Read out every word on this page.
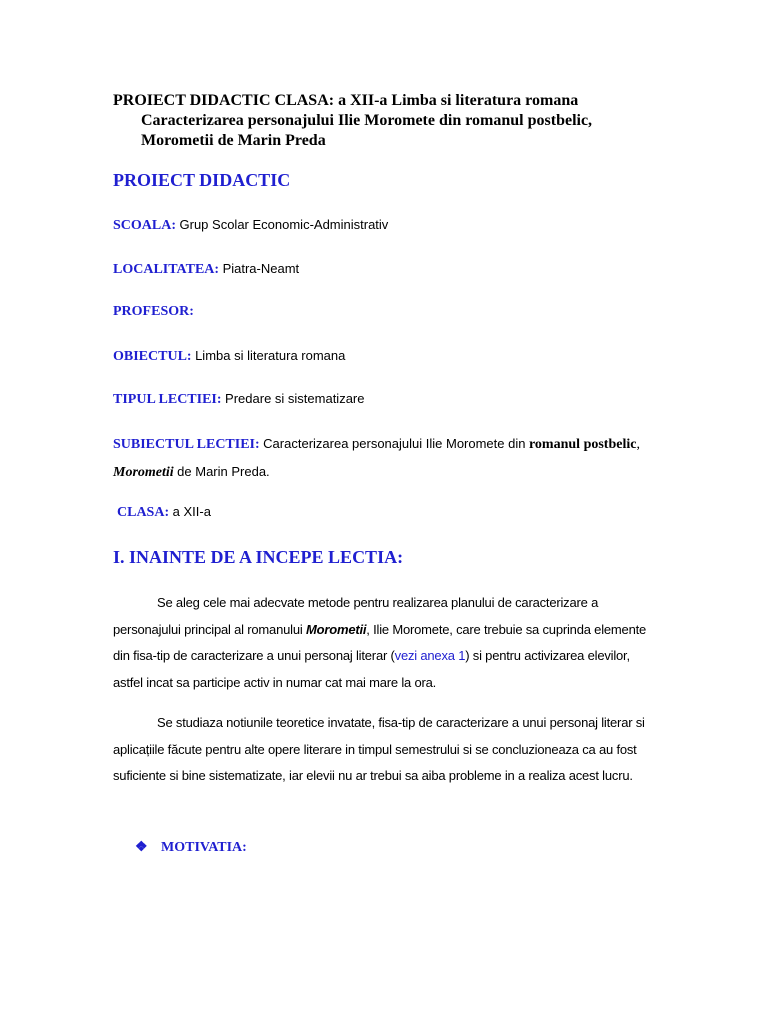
PROIECT DIDACTIC CLASA: a XII-a Limba si literatura romana
Caracterizarea personajului Ilie Moromete din romanul postbelic,
Morometii de Marin Preda
PROIECT DIDACTIC
SCOALA: Grup Scolar Economic-Administrativ
LOCALITATEA: Piatra-Neamt
PROFESOR:
OBIECTUL: Limba si literatura romana
TIPUL LECTIEI: Predare si sistematizare
SUBIECTUL LECTIEI: Caracterizarea personajului Ilie Moromete din romanul postbelic, Morometii de Marin Preda.
CLASA: a XII-a
I. INAINTE DE A INCEPE LECTIA:

Se aleg cele mai adecvate metode pentru realizarea planului de caracterizare a personajului principal al romanului Morometii, Ilie Moromete, care trebuie sa cuprinda elemente din fisa-tip de caracterizare a unui personaj literar (vezi anexa 1) si pentru activizarea elevilor, astfel incat sa participe activ in numar cat mai mare la ora.

Se studiaza notiunile teoretice invatate, fisa-tip de caracterizare a unui personaj literar si aplicațiile făcute pentru alte opere literare in timpul semestrului si se concluzioneaza ca au fost suficiente si bine sistematizate, iar elevii nu ar trebui sa aiba probleme in a realiza acest lucru.

❖ MOTIVATIA:
